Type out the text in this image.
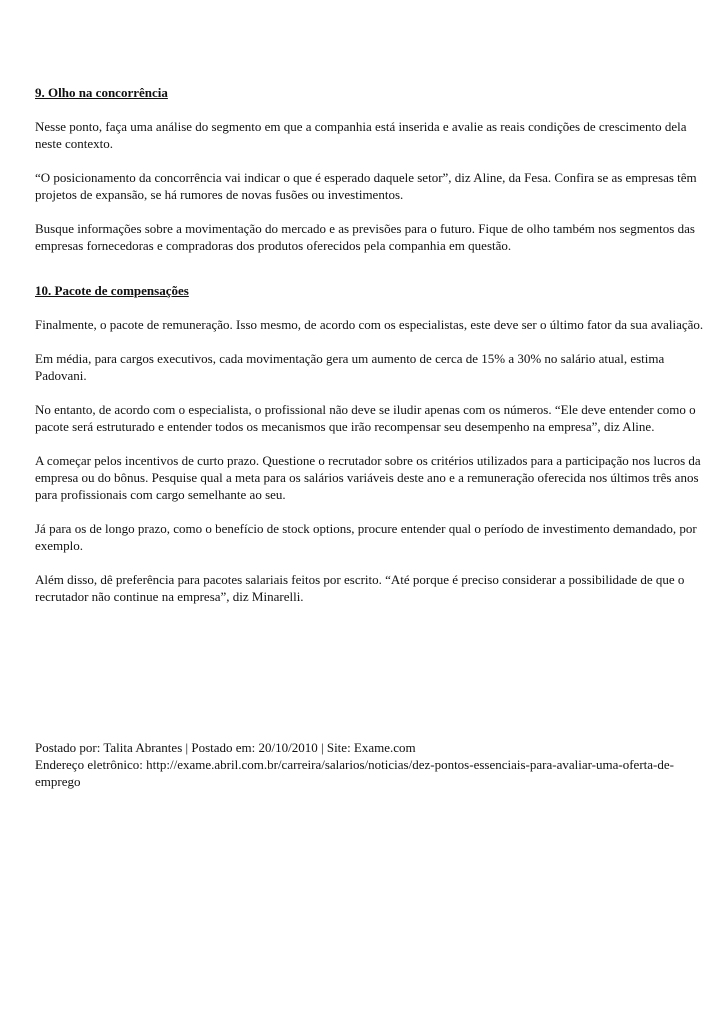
9. Olho na concorrência

Nesse ponto, faça uma análise do segmento em que a companhia está inserida e avalie as reais condições de crescimento dela neste contexto.

“O posicionamento da concorrência vai indicar o que é esperado daquele setor”, diz Aline, da Fesa. Confira se as empresas têm projetos de expansão, se há rumores de novas fusões ou investimentos.

Busque informações sobre a movimentação do mercado e as previsões para o futuro. Fique de olho também nos segmentos das empresas fornecedoras e compradoras dos produtos oferecidos pela companhia em questão.

10. Pacote de compensações

Finalmente, o pacote de remuneração. Isso mesmo, de acordo com os especialistas, este deve ser o último fator da sua avaliação.

Em média, para cargos executivos, cada movimentação gera um aumento de cerca de 15% a 30% no salário atual, estima Padovani.

No entanto, de acordo com o especialista, o profissional não deve se iludir apenas com os números. “Ele deve entender como o pacote será estruturado e entender todos os mecanismos que irão recompensar seu desempenho na empresa”, diz Aline.

A começar pelos incentivos de curto prazo. Questione o recrutador sobre os critérios utilizados para a participação nos lucros da empresa ou do bônus. Pesquise qual a meta para os salários variáveis deste ano e a remuneração oferecida nos últimos três anos para profissionais com cargo semelhante ao seu.

Já para os de longo prazo, como o benefício de stock options, procure entender qual o período de investimento demandado, por exemplo.

Além disso, dê preferência para pacotes salariais feitos por escrito. “Até porque é preciso considerar a possibilidade de que o recrutador não continue na empresa”, diz Minarelli.

Postado por: Talita Abrantes | Postado em: 20/10/2010 | Site: Exame.com

Endereço eletrônico: http://exame.abril.com.br/carreira/salarios/noticias/dez-pontos-essenciais-para-avaliar-uma-oferta-de-emprego
